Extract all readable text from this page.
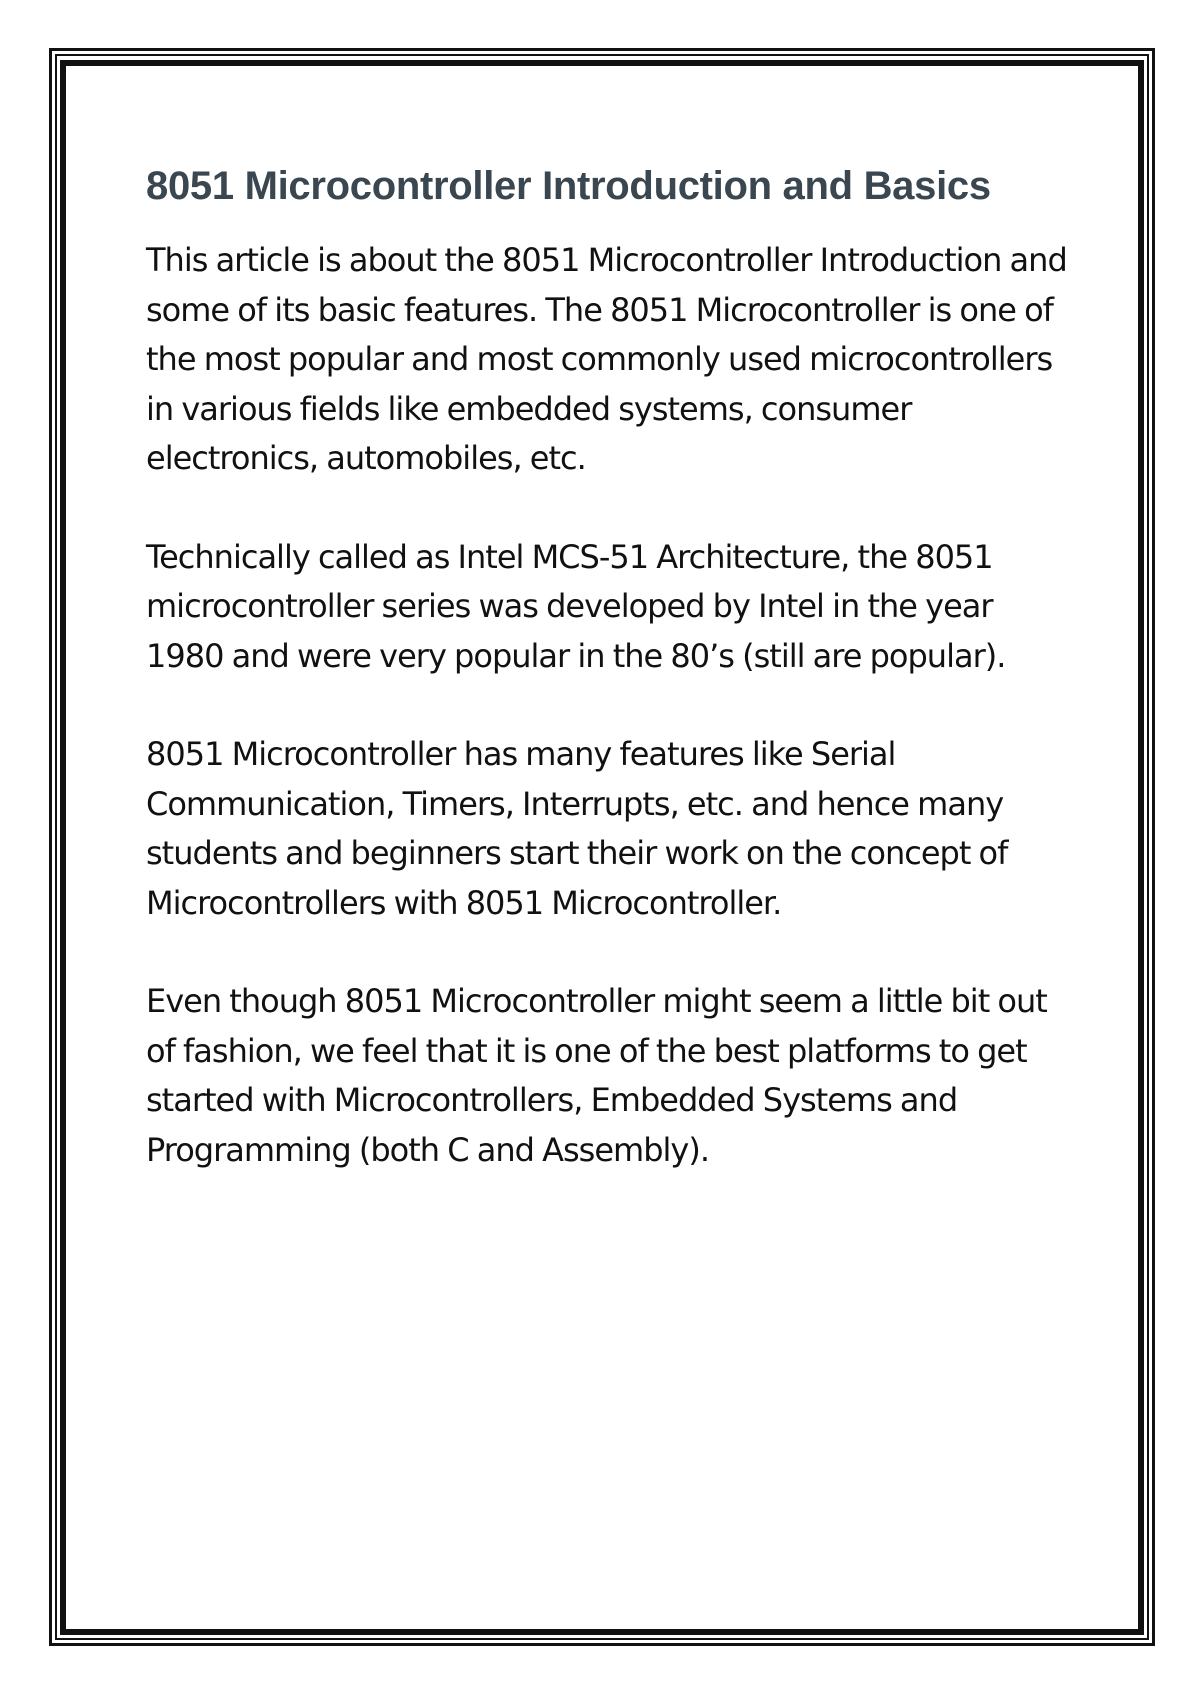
8051 Microcontroller Introduction and Basics

This article is about the 8051 Microcontroller Introduction and some of its basic features. The 8051 Microcontroller is one of the most popular and most commonly used microcontrollers in various fields like embedded systems, consumer electronics, automobiles, etc.

Technically called as Intel MCS-51 Architecture, the 8051 microcontroller series was developed by Intel in the year 1980 and were very popular in the 80’s (still are popular).

8051 Microcontroller has many features like Serial Communication, Timers, Interrupts, etc. and hence many students and beginners start their work on the concept of Microcontrollers with 8051 Microcontroller.

Even though 8051 Microcontroller might seem a little bit out of fashion, we feel that it is one of the best platforms to get started with Microcontrollers, Embedded Systems and Programming (both C and Assembly).
